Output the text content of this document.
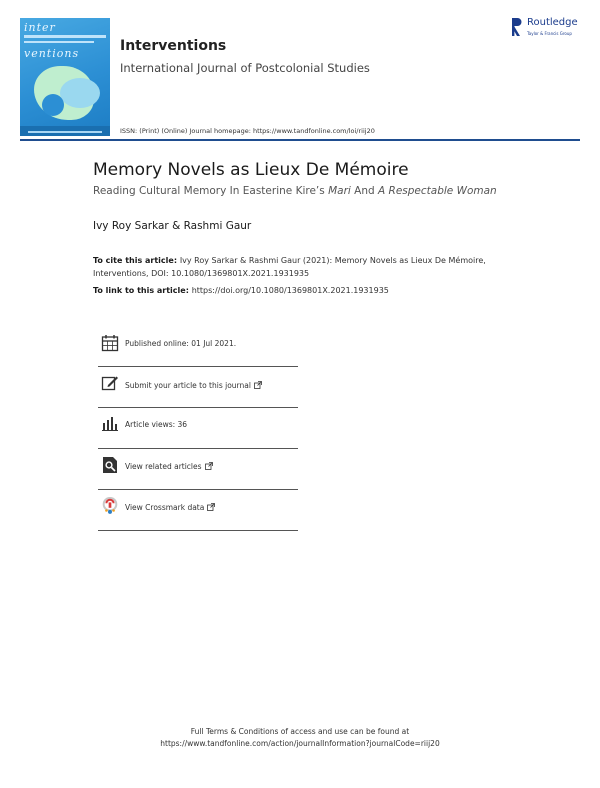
inter
ventions	Interventions
International Journal of Postcolonial Studies
ISSN: (Print) (Online) Journal homepage: https://www.tandfonline.com/loi/riij20
Routledge
Taylor & Francis Group
Memory Novels as Lieux De Mémoire
Reading Cultural Memory In Easterine Kire’s Mari And A Respectable Woman
Ivy Roy Sarkar & Rashmi Gaur
To cite this article: Ivy Roy Sarkar & Rashmi Gaur (2021): Memory Novels as Lieux De Mémoire, Interventions, DOI: 10.1080/1369801X.2021.1931935
To link to this article: https://doi.org/10.1080/1369801X.2021.1931935
Published online: 01 Jul 2021.
Submit your article to this journal
Article views: 36
View related articles
View Crossmark data
Full Terms & Conditions of access and use can be found at
https://www.tandfonline.com/action/journalInformation?journalCode=riij20
